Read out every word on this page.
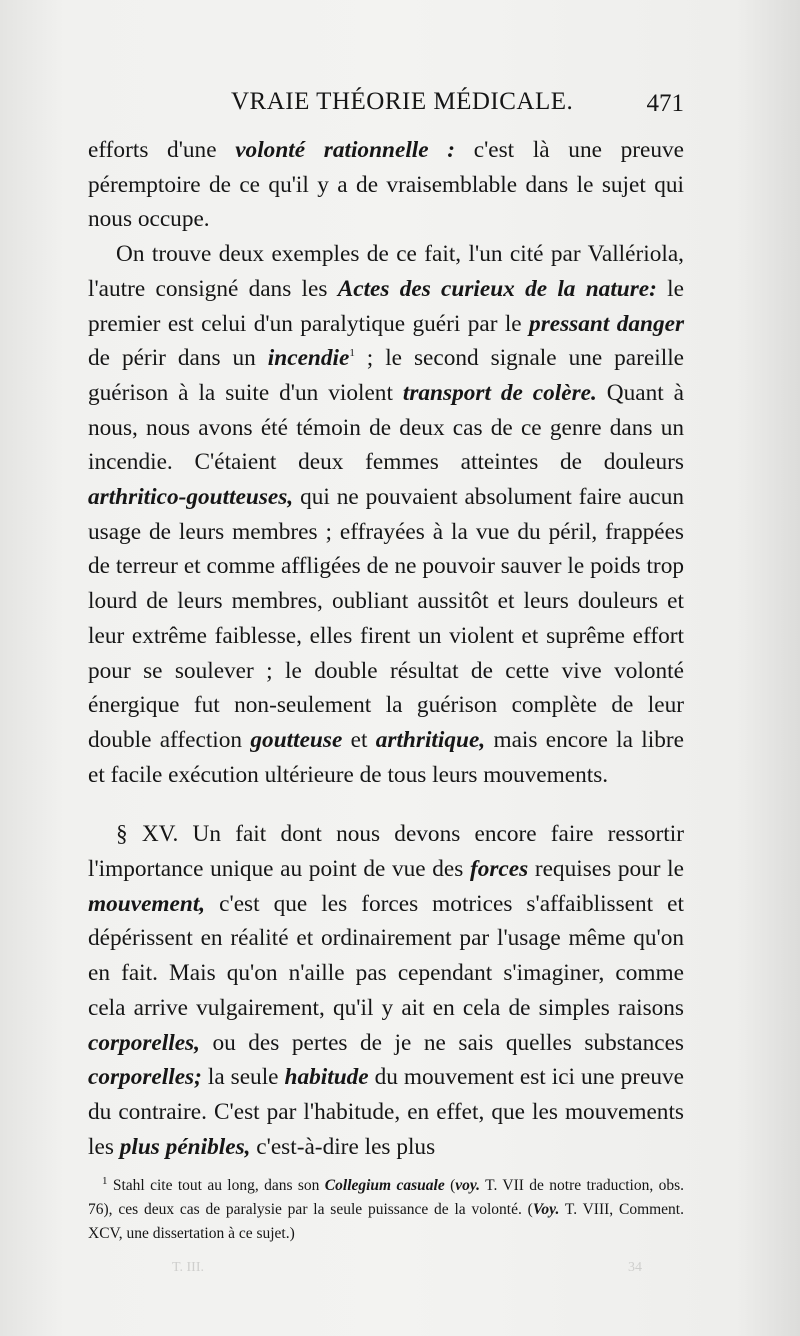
VRAIE THÉORIE MÉDICALE.	471

efforts d'une volonté rationnelle : c'est là une preuve péremptoire de ce qu'il y a de vraisemblable dans le sujet qui nous occupe.

On trouve deux exemples de ce fait, l'un cité par Vallériola, l'autre consigné dans les Actes des curieux de la nature: le premier est celui d'un paralytique guéri par le pressant danger de périr dans un incendie$^1$ ; le second signale une pareille guérison à la suite d'un violent transport de colère. Quant à nous, nous avons été témoin de deux cas de ce genre dans un incendie. C'étaient deux femmes atteintes de douleurs arthritico-goutteuses, qui ne pouvaient absolument faire aucun usage de leurs membres ; effrayées à la vue du péril, frappées de terreur et comme affligées de ne pouvoir sauver le poids trop lourd de leurs membres, oubliant aussitôt et leurs douleurs et leur extrême faiblesse, elles firent un violent et suprême effort pour se soulever ; le double résultat de cette vive volonté énergique fut non-seulement la guérison complète de leur double affection goutteuse et arthritique, mais encore la libre et facile exécution ultérieure de tous leurs mouvements.

§ XV. Un fait dont nous devons encore faire ressortir l'importance unique au point de vue des forces requises pour le mouvement, c'est que les forces motrices s'affaiblissent et dépérissent en réalité et ordinairement par l'usage même qu'on en fait. Mais qu'on n'aille pas cependant s'imaginer, comme cela arrive vulgairement, qu'il y ait en cela de simples raisons corporelles, ou des pertes de je ne sais quelles substances corporelles; la seule habitude du mouvement est ici une preuve du contraire. C'est par l'habitude, en effet, que les mouvements les plus pénibles, c'est-à-dire les plus

$^1$ Stahl cite tout au long, dans son Collegium casuale (voy. T. VII de notre traduction, obs. 76), ces deux cas de paralysie par la seule puissance de la volonté. (Voy. T. VIII, Comment. XCV, une dissertation à ce sujet.)

T. III.	34
